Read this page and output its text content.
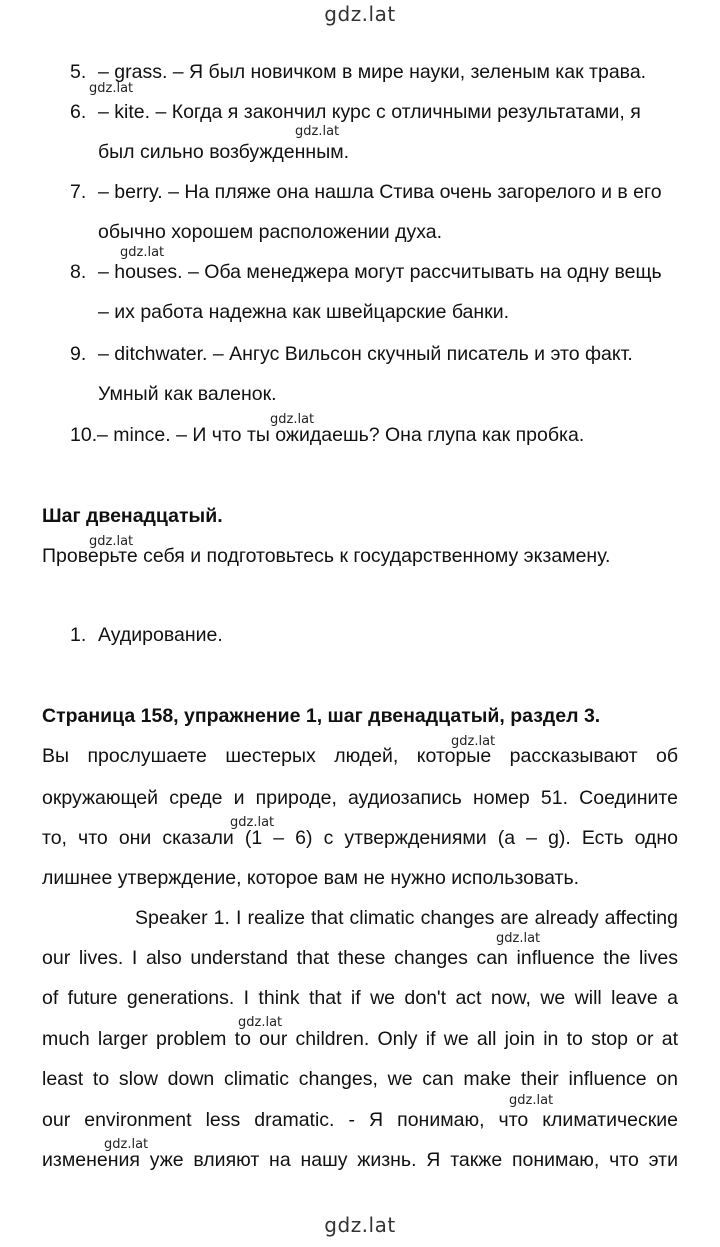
gdz.lat
5. – grass. – Я был новичком в мире науки, зеленым как трава.
6. – kite. – Когда я закончил курс с отличными результатами, я
был сильно возбужденным.
7. – berry. – На пляже она нашла Стива очень загорелого и в его
обычно хорошем расположении духа.
8. – houses. – Оба менеджера могут рассчитывать на одну вещь
– их работа надежна как швейцарские банки.
9. – ditchwater. – Ангус Вильсон скучный писатель и это факт.
Умный как валенок.
10. – mince. – И что ты ожидаешь? Она глупа как пробка.
Шаг двенадцатый.
Проверьте себя и подготовьтесь к государственному экзамену.
1. Аудирование.
Страница 158, упражнение 1, шаг двенадцатый, раздел 3.
Вы прослушаете шестерых людей, которые рассказывают об
окружающей среде и природе, аудиозапись номер 51. Соедините
то, что они сказали (1 – 6) с утверждениями (a – g). Есть одно
лишнее утверждение, которое вам не нужно использовать.
Speaker 1. I realize that climatic changes are already affecting
our lives. I also understand that these changes can influence the lives
of future generations. I think that if we don't act now, we will leave a
much larger problem to our children. Only if we all join in to stop or at
least to slow down climatic changes, we can make their influence on
our environment less dramatic. - Я понимаю, что климатические
изменения уже влияют на нашу жизнь. Я также понимаю, что эти
gdz.lat
gdz.lat
gdz.lat
gdz.lat
gdz.lat
gdz.lat
gdz.lat
gdz.lat
gdz.lat
gdz.lat
gdz.lat
gdz.lat
